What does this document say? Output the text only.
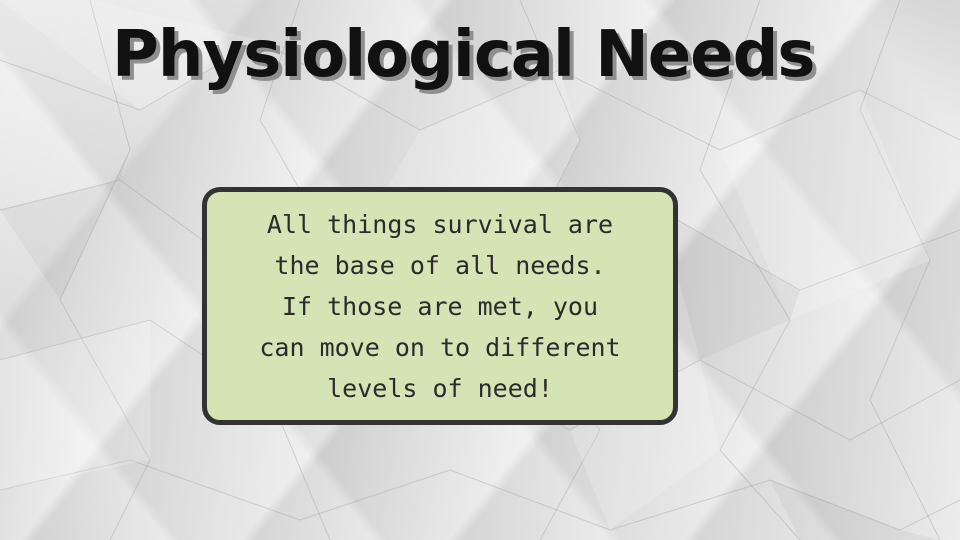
Physiological Needs

All things survival are
the base of all needs.
If those are met, you
can move on to different
levels of need!
